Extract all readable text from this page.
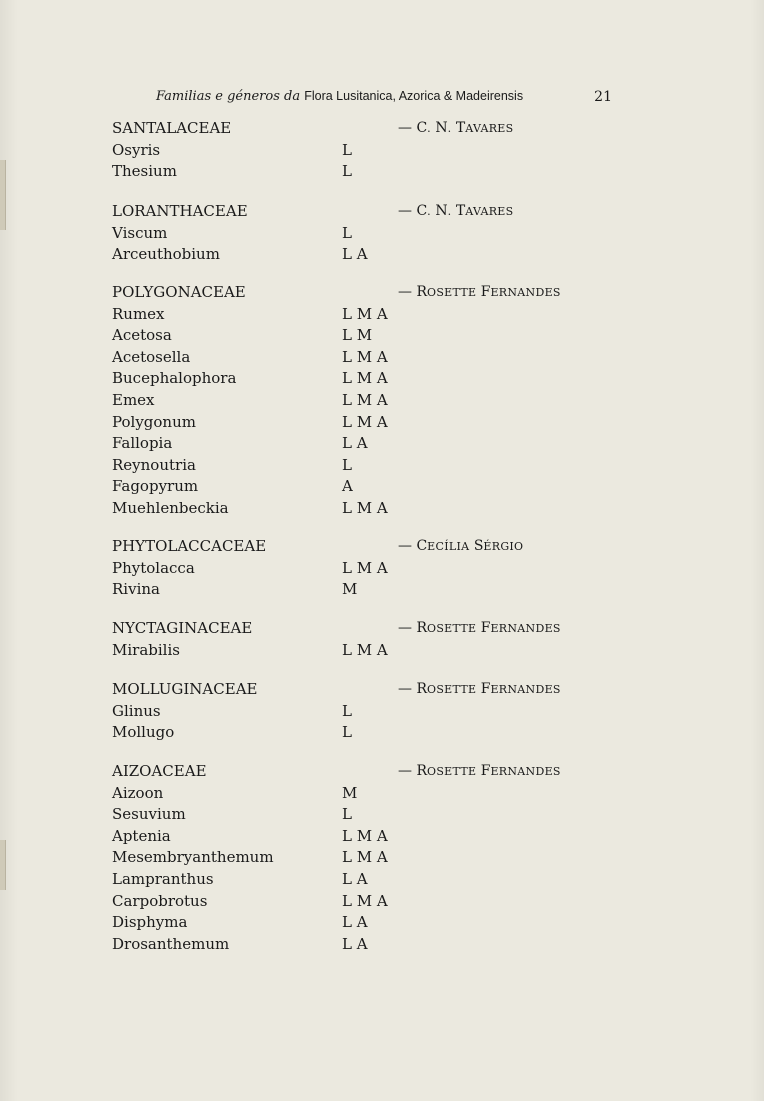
Familias e géneros da Flora Lusitanica, Azorica & Madeirensis	21
SANTALACEAE	— C. N. TAVARES
Osyris	L
Thesium	L
LORANTHACEAE	— C. N. TAVARES
Viscum	L
Arceuthobium	L A
POLYGONACEAE	— ROSETTE FERNANDES
Rumex	L M A
Acetosa	L M
Acetosella	L M A
Bucephalophora	L M A
Emex	L M A
Polygonum	L M A
Fallopia	L A
Reynoutria	L
Fagopyrum	A
Muehlenbeckia	L M A
PHYTOLACCACEAE	— CECÍLIA SÉRGIO
Phytolacca	L M A
Rivina	M
NYCTAGINACEAE	— ROSETTE FERNANDES
Mirabilis	L M A
MOLLUGINACEAE	— ROSETTE FERNANDES
Glinus	L
Mollugo	L
AIZOACEAE	— ROSETTE FERNANDES
Aizoon	M
Sesuvium	L
Aptenia	L M A
Mesembryanthemum	L M A
Lampranthus	L A
Carpobrotus	L M A
Disphyma	L A
Drosanthemum	L A
